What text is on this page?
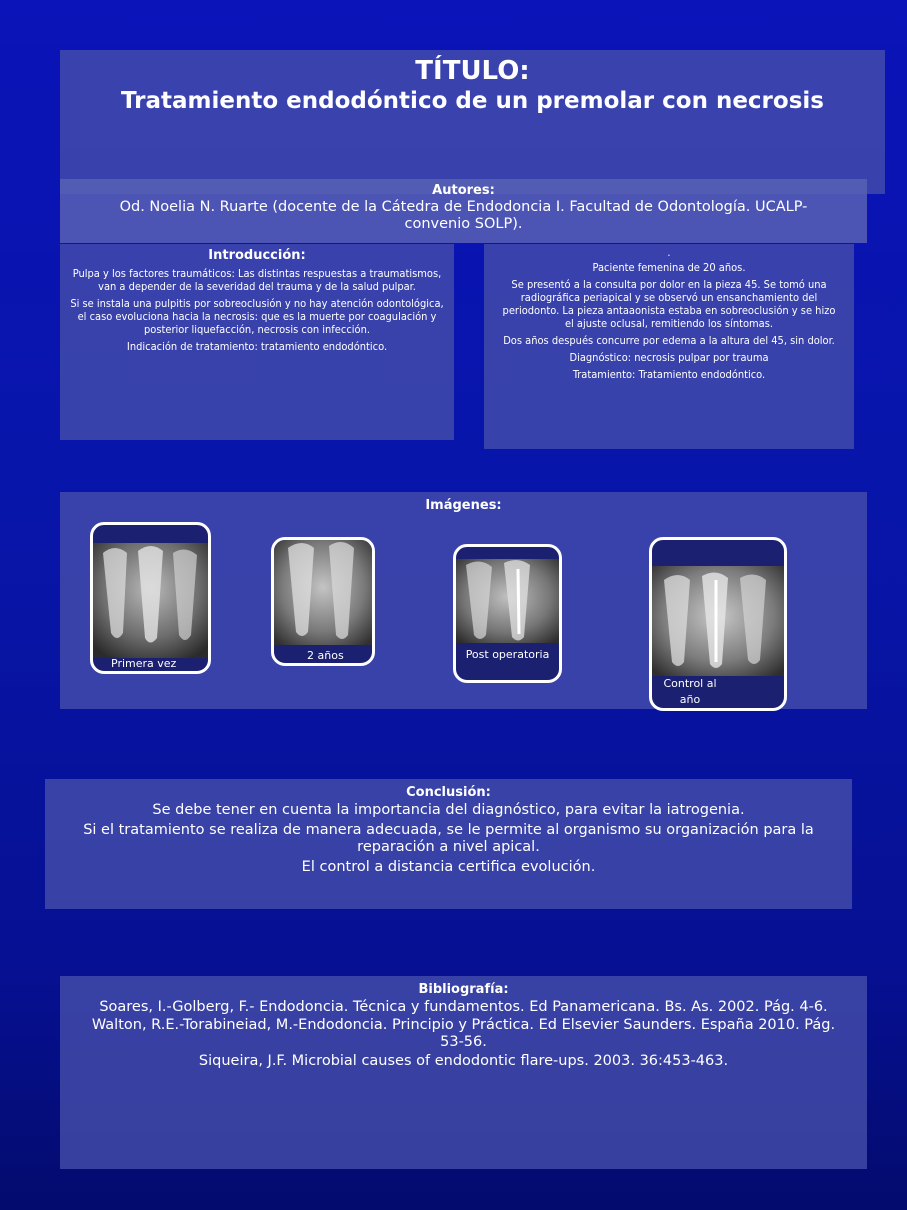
TÍTULO:
Tratamiento endodóntico de un premolar con necrosis
Autores:
Od. Noelia N. Ruarte (docente de la Cátedra de Endodoncia I. Facultad de Odontología. UCALP-convenio SOLP).
Introducción:

Pulpa y los factores traumáticos: Las distintas respuestas a traumatismos, van a depender de la severidad del trauma y de la salud pulpar.

Si se instala una pulpitis por sobreoclusión y no hay atención odontológica, el caso evoluciona hacia la necrosis: que es la muerte por coagulación y posterior liquefacción, necrosis con infección.

Indicación de tratamiento: tratamiento endodóntico.

.

Paciente femenina de 20 años.

Se presentó a la consulta por dolor en la pieza 45. Se tomó una radiográfica periapical y se observó un ensanchamiento del periodonto. La pieza antaaonista estaba en sobreoclusión y se hizo el ajuste oclusal, remitiendo los síntomas.

Dos años después concurre por edema a la altura del 45, sin dolor.

Diagnóstico: necrosis pulpar por trauma

Tratamiento: Tratamiento endodóntico.

Imágenes:
Primera vez
2 años	Post operatoria
Control al año
Conclusión:

Se debe tener en cuenta la importancia del diagnóstico, para evitar la iatrogenia.

Si el tratamiento se realiza de manera adecuada, se le permite al organismo su organización para la reparación a nivel apical.

El control a distancia certifica evolución.

Bibliografía:

Soares, I.-Golberg, F.- Endodoncia. Técnica y fundamentos. Ed Panamericana. Bs. As. 2002. Pág. 4-6.

Walton, R.E.-Torabineiad, M.-Endodoncia. Principio y Práctica. Ed Elsevier Saunders. España 2010. Pág. 53-56.

Siqueira, J.F. Microbial causes of endodontic flare-ups. 2003. 36:453-463.
